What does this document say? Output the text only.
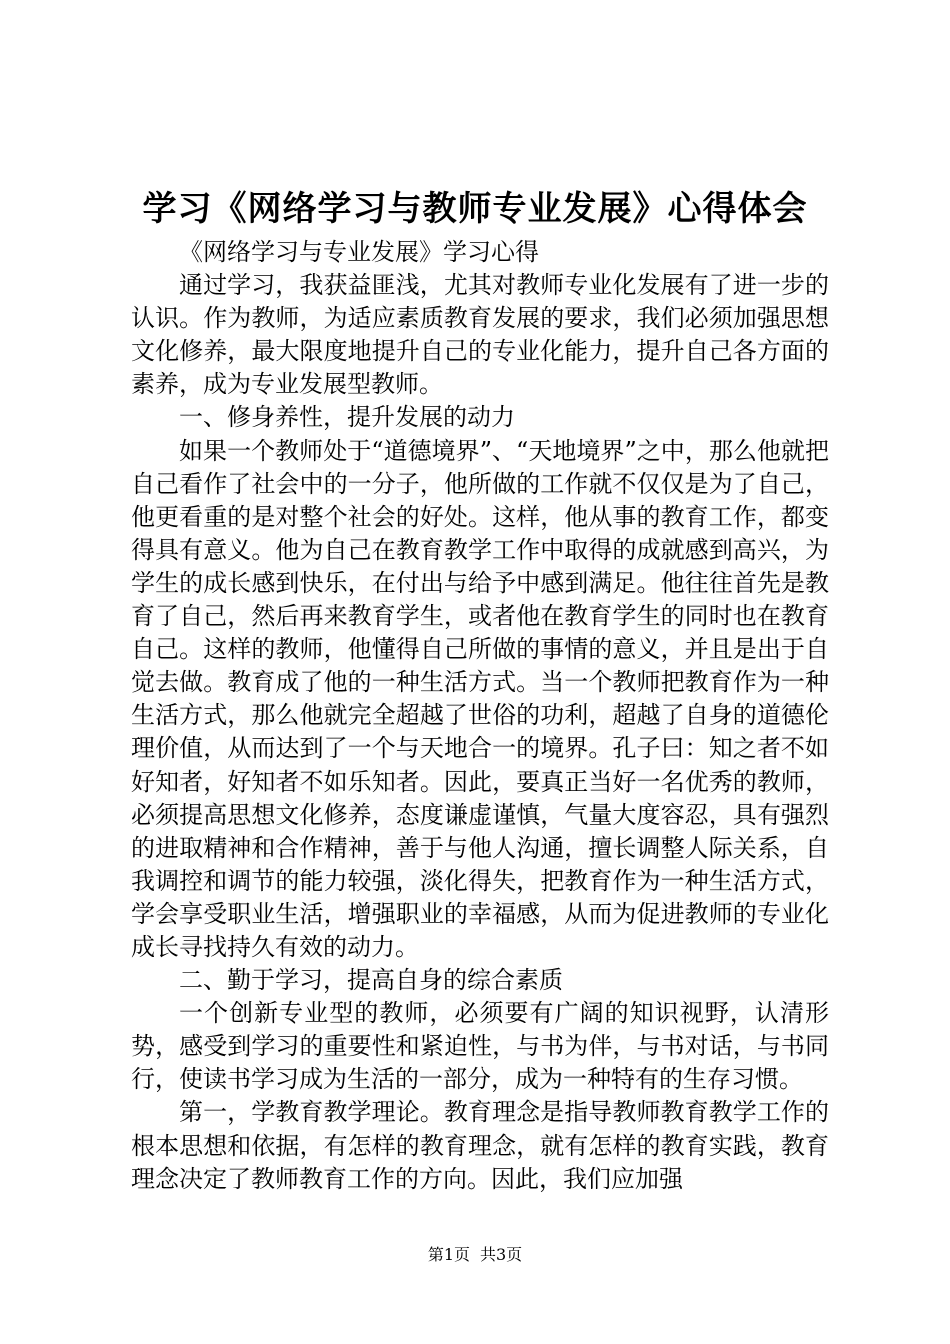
学习《网络学习与教师专业发展》心得体会

《网络学习与专业发展》学习心得

通过学习，我获益匪浅，尤其对教师专业化发展有了进一步的认识。作为教师，为适应素质教育发展的要求，我们必须加强思想文化修养，最大限度地提升自己的专业化能力，提升自己各方面的素养，成为专业发展型教师。

一、修身养性，提升发展的动力

如果一个教师处于“道德境界”、“天地境界”之中，那么他就把自己看作了社会中的一分子，他所做的工作就不仅仅是为了自己，他更看重的是对整个社会的好处。这样，他从事的教育工作，都变得具有意义。他为自己在教育教学工作中取得的成就感到高兴，为学生的成长感到快乐，在付出与给予中感到满足。他往往首先是教育了自己，然后再来教育学生，或者他在教育学生的同时也在教育自己。这样的教师，他懂得自己所做的事情的意义，并且是出于自觉去做。教育成了他的一种生活方式。当一个教师把教育作为一种生活方式，那么他就完全超越了世俗的功利，超越了自身的道德伦理价值，从而达到了一个与天地合一的境界。孔子曰：知之者不如好知者，好知者不如乐知者。因此，要真正当好一名优秀的教师，必须提高思想文化修养，态度谦虚谨慎，气量大度容忍，具有强烈的进取精神和合作精神，善于与他人沟通，擅长调整人际关系，自我调控和调节的能力较强，淡化得失，把教育作为一种生活方式，学会享受职业生活，增强职业的幸福感，从而为促进教师的专业化成长寻找持久有效的动力。

二、勤于学习，提高自身的综合素质

一个创新专业型的教师，必须要有广阔的知识视野，认清形势，感受到学习的重要性和紧迫性，与书为伴，与书对话，与书同行，使读书学习成为生活的一部分，成为一种特有的生存习惯。

第一，学教育教学理论。教育理念是指导教师教育教学工作的根本思想和依据，有怎样的教育理念，就有怎样的教育实践，教育理念决定了教师教育工作的方向。因此，我们应加强

第1页 共3页
